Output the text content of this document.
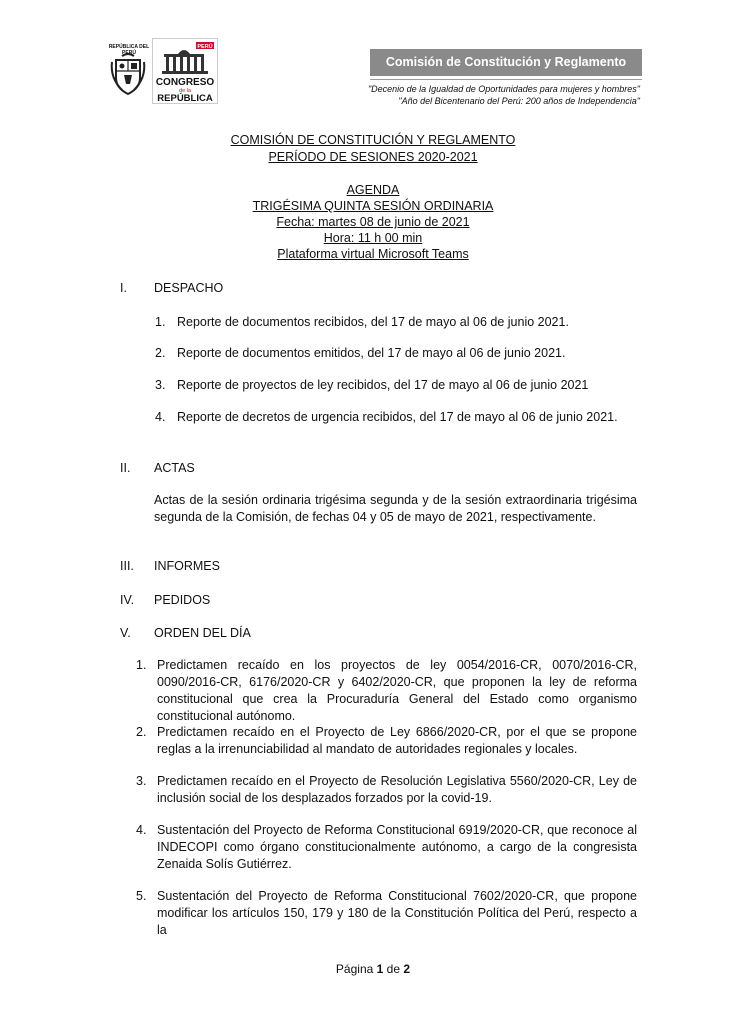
REPÚBLICA DEL PERÚ
PERÚ
CONGRESO
de la
REPÚBLICA
Comisión de Constitución y Reglamento
"Decenio de la Igualdad de Oportunidades para mujeres y hombres"
"Año del Bicentenario del Perú: 200 años de Independencia"
COMISIÓN DE CONSTITUCIÓN Y REGLAMENTO
PERÍODO DE SESIONES 2020-2021
AGENDA
TRIGÉSIMA QUINTA SESIÓN ORDINARIA
Fecha: martes 08 de junio de 2021
Hora: 11 h 00 min
Plataforma virtual Microsoft Teams
I.	DESPACHO
1. Reporte de documentos recibidos, del 17 de mayo al 06 de junio 2021.
2. Reporte de documentos emitidos, del 17 de mayo al 06 de junio 2021.
3. Reporte de proyectos de ley recibidos, del 17 de mayo al 06 de junio 2021
4. Reporte de decretos de urgencia recibidos, del 17 de mayo al 06 de junio 2021.
II.	ACTAS
Actas de la sesión ordinaria trigésima segunda y de la sesión extraordinaria trigésima segunda de la Comisión, de fechas 04 y 05 de mayo de 2021, respectivamente.
III.	INFORMES
IV.	PEDIDOS
V.	ORDEN DEL DÍA
1. Predictamen recaído en los proyectos de ley 0054/2016-CR, 0070/2016-CR, 0090/2016-CR, 6176/2020-CR y 6402/2020-CR, que proponen la ley de reforma constitucional que crea la Procuraduría General del Estado como organismo constitucional autónomo.
2. Predictamen recaído en el Proyecto de Ley 6866/2020-CR, por el que se propone reglas a la irrenunciabilidad al mandato de autoridades regionales y locales.
3. Predictamen recaído en el Proyecto de Resolución Legislativa 5560/2020-CR, Ley de inclusión social de los desplazados forzados por la covid-19.
4. Sustentación del Proyecto de Reforma Constitucional 6919/2020-CR, que reconoce al INDECOPI como órgano constitucionalmente autónomo, a cargo de la congresista Zenaida Solís Gutiérrez.
5. Sustentación del Proyecto de Reforma Constitucional 7602/2020-CR, que propone modificar los artículos 150, 179 y 180 de la Constitución Política del Perú, respecto a la
Página 1 de 2
